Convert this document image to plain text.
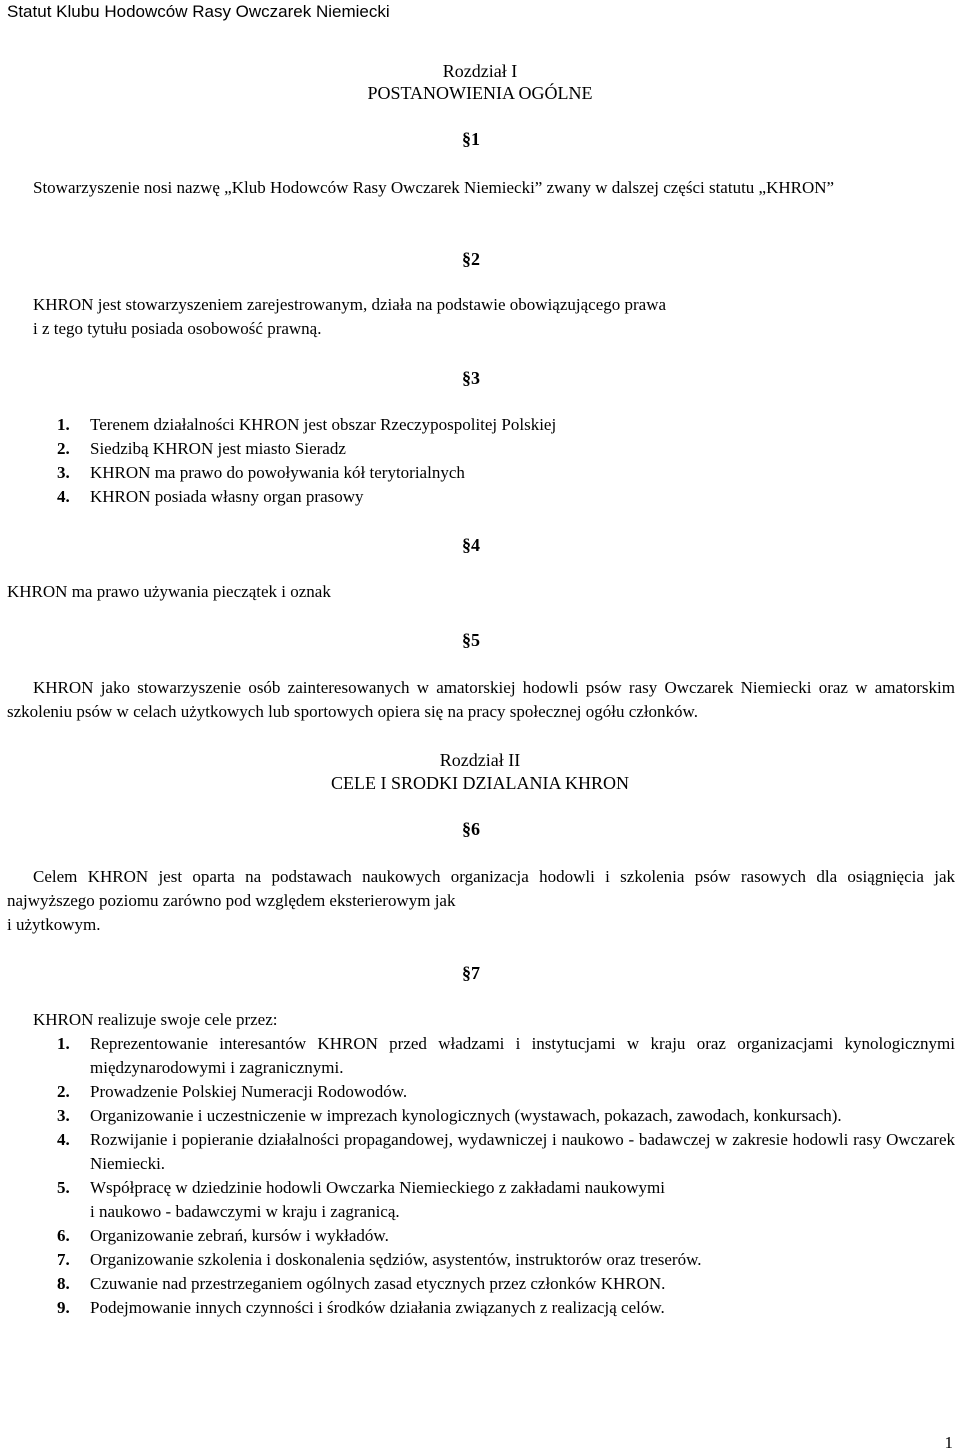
Statut Klubu Hodowców Rasy Owczarek Niemiecki
Rozdział I
POSTANOWIENIA OGÓLNE
§1
Stowarzyszenie nosi nazwę „Klub Hodowców Rasy Owczarek Niemiecki” zwany w dalszej części statutu „KHRON”
§2
KHRON jest stowarzyszeniem zarejestrowanym, działa na podstawie obowiązującego prawa
i z tego tytułu posiada osobowość prawną.
§3
1.	Terenem działalności KHRON jest obszar Rzeczypospolitej Polskiej
2.	Siedzibą KHRON jest miasto Sieradz
3.	KHRON ma prawo do powoływania kół terytorialnych
4.	KHRON posiada własny organ prasowy
§4
KHRON ma prawo używania pieczątek i oznak
§5
KHRON jako stowarzyszenie osób zainteresowanych w amatorskiej hodowli psów rasy Owczarek Niemiecki oraz w amatorskim szkoleniu psów w celach użytkowych lub sportowych opiera się na pracy społecznej ogółu członków.
Rozdział II
CELE I SRODKI DZIALANIA KHRON
§6
Celem KHRON jest oparta na podstawach naukowych organizacja hodowli i szkolenia psów rasowych dla osiągnięcia jak najwyższego poziomu zarówno pod względem eksterierowym jak
i użytkowym.
§7
KHRON realizuje swoje cele przez:
1.	Reprezentowanie interesantów KHRON przed władzami i instytucjami w kraju oraz organizacjami kynologicznymi międzynarodowymi i zagranicznymi.
2.	Prowadzenie Polskiej Numeracji Rodowodów.
3.	Organizowanie i uczestniczenie w imprezach kynologicznych (wystawach, pokazach, zawodach, konkursach).
4.	Rozwijanie i popieranie działalności propagandowej, wydawniczej i naukowo - badawczej w zakresie hodowli rasy Owczarek Niemiecki.
5.	Współpracę w dziedzinie hodowli Owczarka Niemieckiego z zakładami naukowymi
i naukowo - badawczymi w kraju i zagranicą.
6.	Organizowanie zebrań, kursów i wykładów.
7.	Organizowanie szkolenia i doskonalenia sędziów, asystentów, instruktorów oraz treserów.
8.	Czuwanie nad przestrzeganiem ogólnych zasad etycznych przez członków KHRON.
9.	Podejmowanie innych czynności i środków działania związanych z realizacją celów.
1
